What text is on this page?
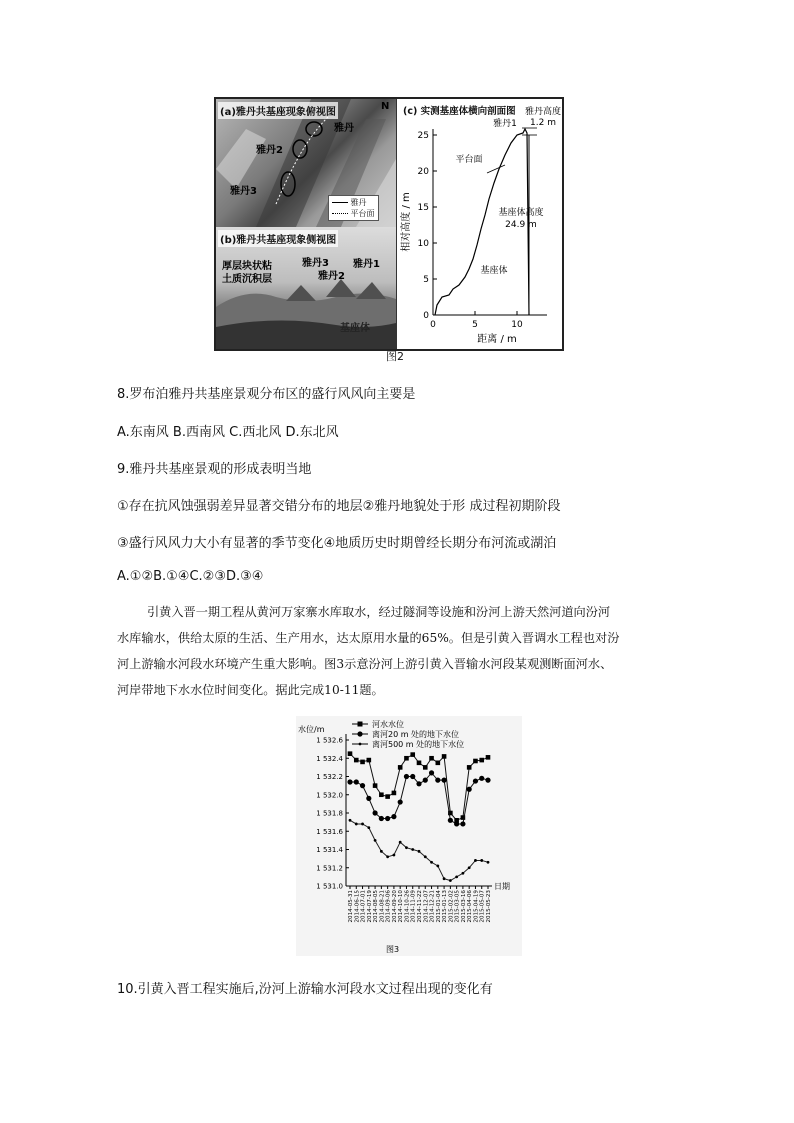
(a)雅丹共基座现象俯视图
N
雅丹
雅丹2
雅丹3
雅丹
平台面
(b)雅丹共基座现象侧视图
厚层块状粘
土质沉积层
雅丹3
雅丹2
雅丹1
基座体
(c) 实测基座体横向剖面图
0
5
10
15
20
25
0	5	10
距离 / m
相对高度 / m
雅丹1
雅丹高度
1.2 m
平台面
基座体高度
24.9 m
基座体
图2
8.罗布泊雅丹共基座景观分布区的盛行风风向主要是
A.东南风 B.西南风 C.西北风 D.东北风
9.雅丹共基座景观的形成表明当地
①存在抗风蚀强弱差异显著交错分布的地层②雅丹地貌处于形 成过程初期阶段
③盛行风风力大小有显著的季节变化④地质历史时期曾经长期分布河流或湖泊
A.①②B.①④C.②③D.③④
引黄入晋一期工程从黄河万家寨水库取水，经过隧洞等设施和汾河上游天然河道向汾河
水库输水，供给太原的生活、生产用水，达太原用水量的65%。但是引黄入晋调水工程也对汾
河上游输水河段水环境产生重大影响。图3示意汾河上游引黄入晋输水河段某观测断面河水、
河岸带地下水水位时间变化。据此完成10-11题。
水位/m
日期
1 531.0
1 531.2
1 531.4
1 531.6
1 531.8
1 532.0
1 532.2
1 532.4
1 532.6
2014-05-31 2014-06-15 2014-07-01 2014-07-19 2014-08-05 2014-08-21 2014-09-06 2014-09-20 2014-10-10 2014-10-26 2014-11-09 2014-11-22 2014-12-07 2014-12-21 2015-01-04 2015-01-13 2015-02-02 2015-03-05 2015-03-16 2015-04-06 2015-04-19 2015-05-07 2015-05-23
河水水位
离河20 m 处的地下水位
离河500 m 处的地下水位
图3
10.引黄入晋工程实施后,汾河上游输水河段水文过程出现的变化有
